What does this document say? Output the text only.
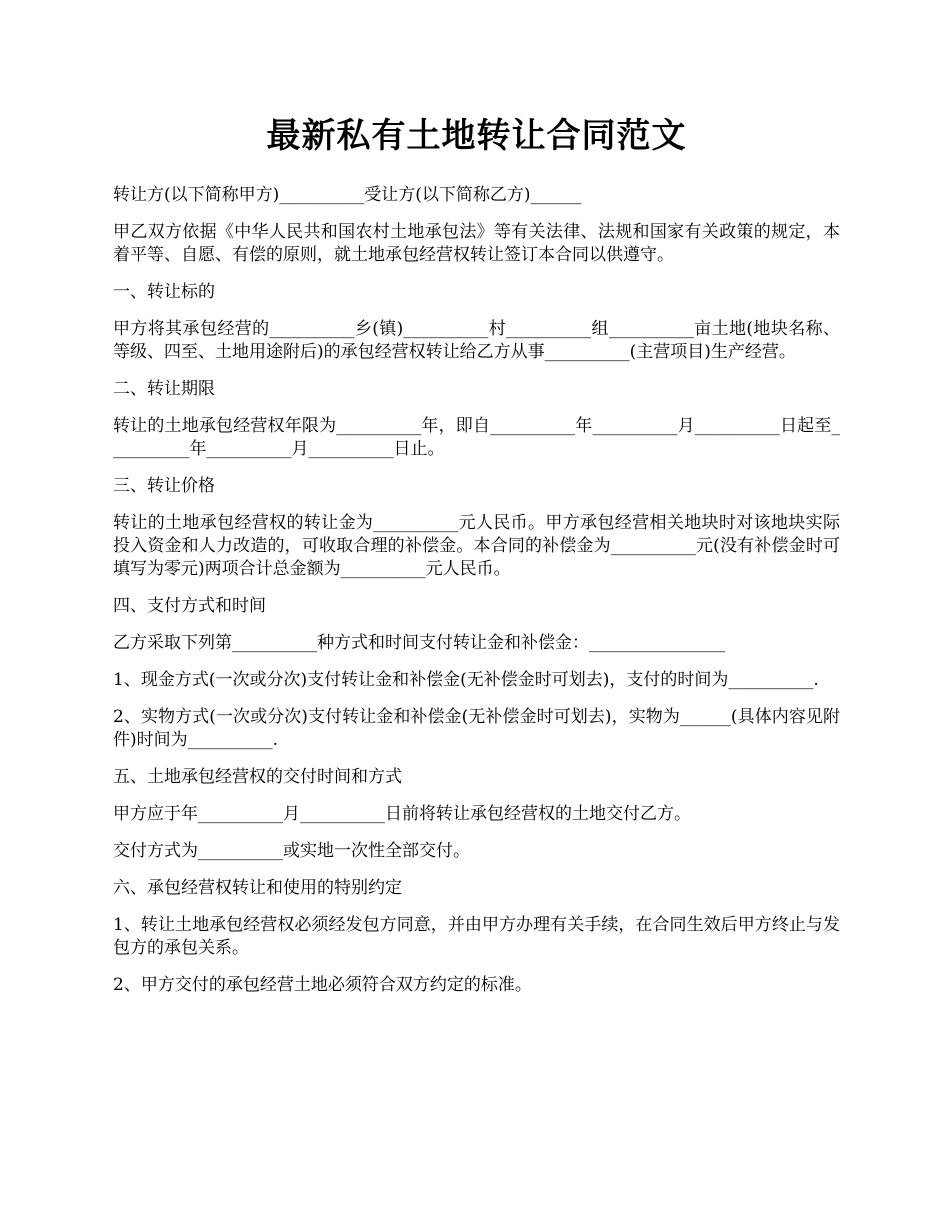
最新私有土地转让合同范文

转让方(以下简称甲方)__________受让方(以下简称乙方)______

甲乙双方依据《中华人民共和国农村土地承包法》等有关法律、法规和国家有关政策的规定，本着平等、自愿、有偿的原则，就土地承包经营权转让签订本合同以供遵守。

一、转让标的

甲方将其承包经营的__________乡(镇)__________村__________组__________亩土地(地块名称、等级、四至、土地用途附后)的承包经营权转让给乙方从事__________(主营项目)生产经营。

二、转让期限

转让的土地承包经营权年限为__________年，即自__________年__________月__________日起至__________年__________月__________日止。

三、转让价格

转让的土地承包经营权的转让金为__________元人民币。甲方承包经营相关地块时对该地块实际投入资金和人力改造的，可收取合理的补偿金。本合同的补偿金为__________元(没有补偿金时可填写为零元)两项合计总金额为__________元人民币。

四、支付方式和时间

乙方采取下列第__________种方式和时间支付转让金和补偿金：________________

1、现金方式(一次或分次)支付转让金和补偿金(无补偿金时可划去)，支付的时间为__________.

2、实物方式(一次或分次)支付转让金和补偿金(无补偿金时可划去)，实物为______(具体内容见附件)时间为__________.

五、土地承包经营权的交付时间和方式

甲方应于年__________月__________日前将转让承包经营权的土地交付乙方。

交付方式为__________或实地一次性全部交付。

六、承包经营权转让和使用的特别约定

1、转让土地承包经营权必须经发包方同意，并由甲方办理有关手续，在合同生效后甲方终止与发包方的承包关系。

2、甲方交付的承包经营土地必须符合双方约定的标准。
